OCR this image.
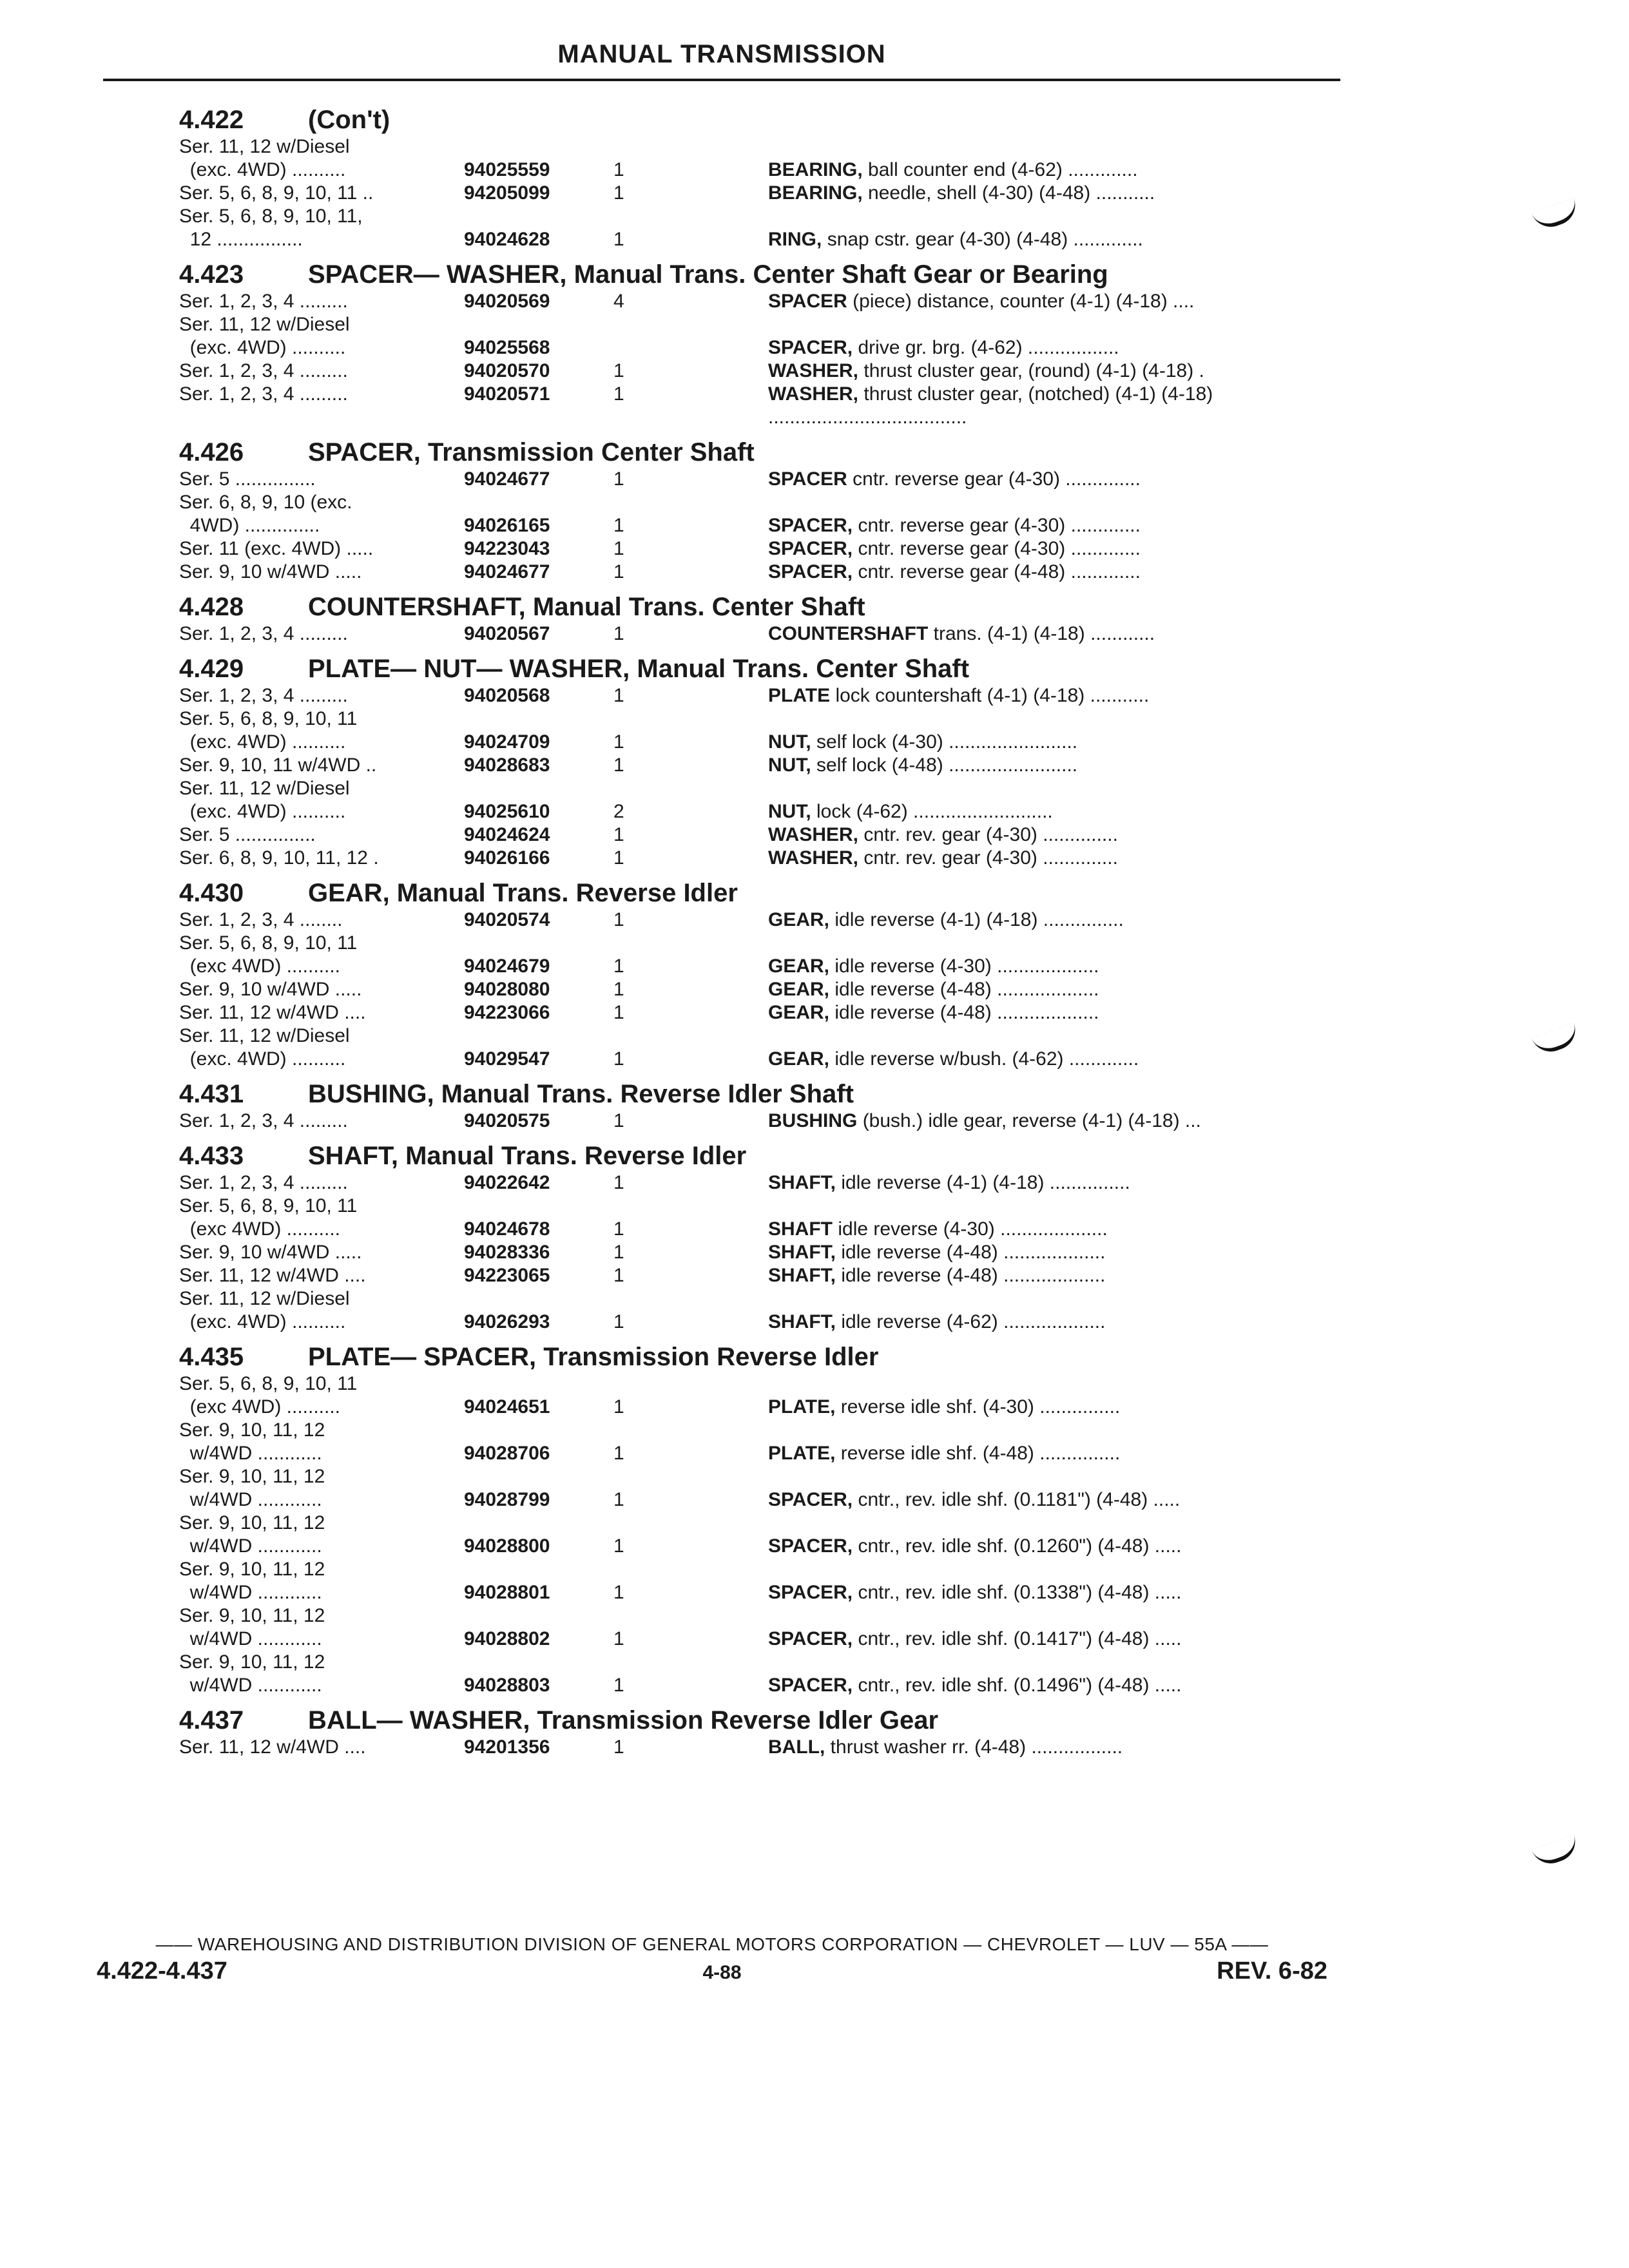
MANUAL TRANSMISSION
4.422	(Con't)
Ser. 11, 12 w/Diesel
(exc. 4WD) ..........	94025559	1	BEARING, ball counter end (4-62) .............
Ser. 5, 6, 8, 9, 10, 11 ..	94205099	1	BEARING, needle, shell (4-30) (4-48) ...........
Ser. 5, 6, 8, 9, 10, 11,
12 ................	94024628	1	RING, snap cstr. gear (4-30) (4-48) .............
4.423	SPACER— WASHER, Manual Trans. Center Shaft Gear or Bearing
Ser. 1, 2, 3, 4 .........	94020569	4	SPACER (piece) distance, counter (4-1) (4-18) ....
Ser. 11, 12 w/Diesel
(exc. 4WD) ..........	94025568	SPACER, drive gr. brg. (4-62) .................
Ser. 1, 2, 3, 4 .........	94020570	1	WASHER, thrust cluster gear, (round) (4-1) (4-18) .
Ser. 1, 2, 3, 4 .........	94020571	1	WASHER, thrust cluster gear, (notched) (4-1) (4-18) .....................................
4.426	SPACER, Transmission Center Shaft
Ser. 5 ...............	94024677	1	SPACER cntr. reverse gear (4-30) ..............
Ser. 6, 8, 9, 10 (exc.
4WD) ..............	94026165	1	SPACER, cntr. reverse gear (4-30) .............
Ser. 11 (exc. 4WD) .....	94223043	1	SPACER, cntr. reverse gear (4-30) .............
Ser. 9, 10 w/4WD .....	94024677	1	SPACER, cntr. reverse gear (4-48) .............
4.428	COUNTERSHAFT, Manual Trans. Center Shaft
Ser. 1, 2, 3, 4 .........	94020567	1	COUNTERSHAFT trans. (4-1) (4-18) ............
4.429	PLATE— NUT— WASHER, Manual Trans. Center Shaft
Ser. 1, 2, 3, 4 .........	94020568	1	PLATE lock countershaft (4-1) (4-18) ...........
Ser. 5, 6, 8, 9, 10, 11
(exc. 4WD) ..........	94024709	1	NUT, self lock (4-30) ........................
Ser. 9, 10, 11 w/4WD ..	94028683	1	NUT, self lock (4-48) ........................
Ser. 11, 12 w/Diesel
(exc. 4WD) ..........	94025610	2	NUT, lock (4-62) ..........................
Ser. 5 ...............	94024624	1	WASHER, cntr. rev. gear (4-30) ..............
Ser. 6, 8, 9, 10, 11, 12 .	94026166	1	WASHER, cntr. rev. gear (4-30) ..............
4.430	GEAR, Manual Trans. Reverse Idler
Ser. 1, 2, 3, 4 ........	94020574	1	GEAR, idle reverse (4-1) (4-18) ...............
Ser. 5, 6, 8, 9, 10, 11
(exc 4WD) ..........	94024679	1	GEAR, idle reverse (4-30) ...................
Ser. 9, 10 w/4WD .....	94028080	1	GEAR, idle reverse (4-48) ...................
Ser. 11, 12 w/4WD ....	94223066	1	GEAR, idle reverse (4-48) ...................
Ser. 11, 12 w/Diesel
(exc. 4WD) ..........	94029547	1	GEAR, idle reverse w/bush. (4-62) .............
4.431	BUSHING, Manual Trans. Reverse Idler Shaft
Ser. 1, 2, 3, 4 .........	94020575	1	BUSHING (bush.) idle gear, reverse (4-1) (4-18) ...
4.433	SHAFT, Manual Trans. Reverse Idler
Ser. 1, 2, 3, 4 .........	94022642	1	SHAFT, idle reverse (4-1) (4-18) ...............
Ser. 5, 6, 8, 9, 10, 11
(exc 4WD) ..........	94024678	1	SHAFT idle reverse (4-30) ....................
Ser. 9, 10 w/4WD .....	94028336	1	SHAFT, idle reverse (4-48) ...................
Ser. 11, 12 w/4WD ....	94223065	1	SHAFT, idle reverse (4-48) ...................
Ser. 11, 12 w/Diesel
(exc. 4WD) ..........	94026293	1	SHAFT, idle reverse (4-62) ...................
4.435	PLATE— SPACER, Transmission Reverse Idler
Ser. 5, 6, 8, 9, 10, 11
(exc 4WD) ..........	94024651	1	PLATE, reverse idle shf. (4-30) ...............
Ser. 9, 10, 11, 12
w/4WD ............	94028706	1	PLATE, reverse idle shf. (4-48) ...............
Ser. 9, 10, 11, 12
w/4WD ............	94028799	1	SPACER, cntr., rev. idle shf. (0.1181") (4-48) .....
Ser. 9, 10, 11, 12
w/4WD ............	94028800	1	SPACER, cntr., rev. idle shf. (0.1260") (4-48) .....
Ser. 9, 10, 11, 12
w/4WD ............	94028801	1	SPACER, cntr., rev. idle shf. (0.1338") (4-48) .....
Ser. 9, 10, 11, 12
w/4WD ............	94028802	1	SPACER, cntr., rev. idle shf. (0.1417") (4-48) .....
Ser. 9, 10, 11, 12
w/4WD ............	94028803	1	SPACER, cntr., rev. idle shf. (0.1496") (4-48) .....
4.437	BALL— WASHER, Transmission Reverse Idler Gear
Ser. 11, 12 w/4WD ....	94201356	1	BALL, thrust washer rr. (4-48) .................
—— WAREHOUSING AND DISTRIBUTION DIVISION OF GENERAL MOTORS CORPORATION — CHEVROLET — LUV — 55A ——
4.422-4.437	4-88	REV. 6-82
